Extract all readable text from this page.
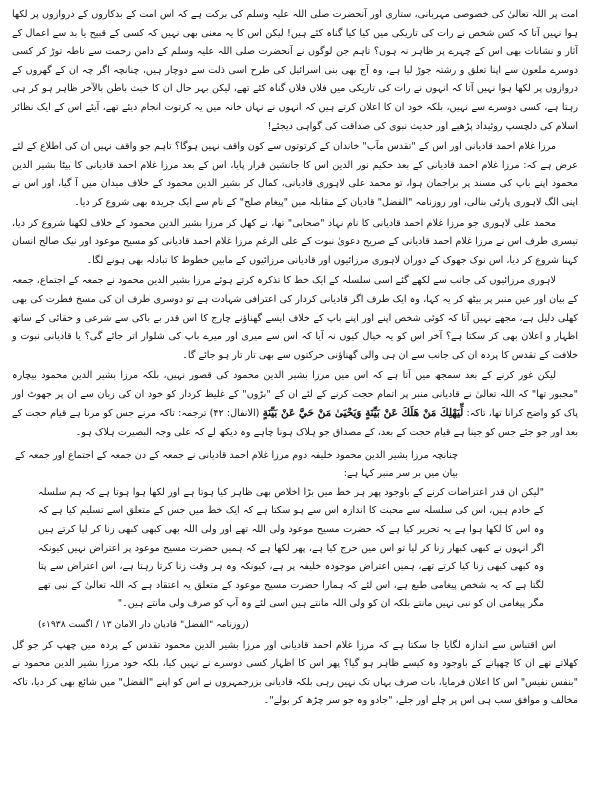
امت پر اللہ تعالیٰ کی خصوصی مہربانی، ستاری اور آنحضرت صلی اللہ علیہ وسلم کی برکت ہے کہ اس امت کے بدکاروں کے دروازوں پر لکھا ہوا نہیں آتا کہ کس شخص نے رات کی تاریکی میں کیا کیا گناہ کئے ہیں! لیکن اس کا یہ معنی بھی نہیں کہ کسی کے قبیح یا بد سے اعمال کے آثار و نشانات بھی اس کے چہرے پر ظاہر نہ ہوں؟ تاہم جن لوگوں نے آنحضرت صلی اللہ علیہ وسلم کے دامن رحمت سے ناطہ توڑ کر کسی دوسرے ملعون سے اپنا تعلق و رشتہ جوڑ لیا ہے، وہ آج بھی بنی اسرائیل کی طرح اسی ذلت سے دوچار ہیں، چنانچہ اگر چہ ان کے گھروں کے دروازوں پر لکھا ہوا نہیں آتا کہ انہوں نے رات کی تاریکی میں فلاں فلاں گناہ کئے تھے، لیکن بہر حال ان کا خبث باطن بالآخر ظاہر ہو کر ہی رہتا ہے، کسی دوسرے سے نہیں، بلکہ خود ان کا اعلان کرتے ہیں کہ انہوں نے نہاں خانہ میں یہ کرتوت انجام دیئے تھے، آیئے اس کے ایک نظائر اسلام کی دلچسپ روئیداد پڑھیے اور حدیث نبوی کی صداقت کی گواہی دیجئے!

مرزا غلام احمد قادیانی اور اس کے "تقدس مآب" خاندان کے کرتوتوں سے کون واقف نہیں ہوگا؟ تاہم جو واقف نہیں ان کی اطلاع کے لئے عرض ہے کہ: مرزا غلام احمد قادیانی کے بعد حکیم نور الدین اس کا جانشین قرار پایا، اس کے بعد مرزا غلام احمد قادیانی کا بیٹا بشیر الدین محمود اپنے باپ کی مسند پر براجمان ہوا، تو محمد علی لاہوری قادیانی، کمال کر بشیر الدین محمود کے خلاف میدان میں آ گیا، اور اس نے اپنی الگ لاہوری پارٹی بنالی، اور روزنامہ "الفضل" قادیان کے مقابلہ میں "پیغام صلح" کے نام سے ایک جریدہ بھی شروع کر دیا۔

محمد علی لاہوری جو مرزا غلام احمد قادیانی کا نام نہاد "صحابی" تھا، نے کھل کر مرزا بشیر الدین محمود کے خلاف لکھنا شروع کر دیا، تیسری طرف اس نے مرزا غلام احمد قادیانی کے صریح دعویٰ نبوت کے علی الرغم مرزا غلام احمد قادیانی کو مسیح موعود اور نیک صالح انسان کہنا شروع کر دیا، اس نوک جھوک کے دوران لاہوری مرزائیوں اور قادیانی مرزائیوں کے مابین خطوط کا تبادلہ بھی ہونے لگا۔

لاہوری مرزائیوں کی جانب سے لکھے گئے اسی سلسلہ کے ایک خط کا تذکرہ کرتے ہوئے مرزا بشیر الدین محمود نے جمعہ کے اجتماع، جمعہ کے بیان اور عین منبر پر بیٹھ کر یہ کہا، وہ ایک طرف اگر قادیانی کردار کی اعترافی شہادت ہے تو دوسری طرف ان کی مسخ فطرت کی بھی کھلی دلیل ہے، مجھے نہیں آتا کہ کوئی شخص اپنے اور اپنے باپ کے خلاف ایسے گھناؤنے چارج کا اس قدر بے باکی سے شرعی و حقائی کے ساتھ اظہار و اعلان بھی کر سکتا ہے؟ آخر اس کو یہ خیال کیوں نہ آیا کہ اس سے میری اور میرے باپ کی شلوار اتر جائے گی؟ یا قادیانی نبوت و خلافت کے تقدس کا پردہ ان کی جانب سے ان ہی والی گھناؤنی حرکتوں سے بھی تار تار ہو جائے گا۔

لیکن غور کرنے کے بعد سمجھ میں آتا ہے کہ اس میں مرزا بشیر الدین محمود کی قصور نہیں، بلکہ مرزا بشیر الدین محمود بیچارہ "مجبور تھا" کہ اللہ تعالیٰ نے قادیانی منبر پر اتمام حجت کرنے کے لئے ان کے "بڑوں" کے غلیظ کردار کو خود ان کی زبان سے ان پر جھوٹ اور پاک کو واضح کرانا تھا، تاکہ: لِّيَهْلِكَ مَنْ هَلَكَ عَنْ بَيِّنَةٍ وَيَحْيَىٰ مَنْ حَيَّ عَنْ بَيِّنَةٍ (الانفال: ۴۲) ترجمہ: تاکہ مرنے جس کو مرنا ہے قیام حجت کے بعد اور جو جئے جس کو جینا ہے قیام حجت کے بعد، کے مصداق جو ہلاک ہونا چاہے وہ دیکھ لے کہ علی وجہ البصیرت ہلاک ہو۔

چنانچہ مرزا بشیر الدین محمود خلیفہ دوم مرزا غلام احمد قادیانی نے جمعہ کے دن جمعہ کے اجتماع اور جمعہ کے بیان میں بر سر منبر کہا ہے:

"لیکن ان قدر اعتراضات کرنے کے باوجود پھر ہر خط میں بڑا اخلاص بھی ظاہر کیا ہوتا ہے اور لکھا ہوا ہوتا ہے کہ ہم سلسلہ کے خادم ہیں، اس کی سلسلہ سے محبت کا اندازہ اس سے ہو سکتا ہے کہ ایک خط میں جس کے متعلق اسے تسلیم کیا ہے کہ وہ اس کا لکھا ہوا ہے یہ تحریر کیا ہے کہ حضرت مسیح موعود ولی اللہ تھے اور ولی اللہ بھی کبھی کبھی زنا کر لیا کرتے ہیں اگر انہوں نے کبھی کبھار زنا کر لیا تو اس میں حرج کیا ہے، پھر لکھا ہے کہ ہمیں حضرت مسیح موعود پر اعتراض نہیں کیونکہ وہ کبھی کبھی زنا کیا کرتے تھے، ہمیں اعتراض موجودہ خلیفہ پر ہے، کیونکہ وہ ہر وقت زنا کرتا رہتا ہے، اس اعتراض سے پتا لگتا ہے کہ یہ شخص پیغامی طبع ہے، اس لئے کہ ہمارا حضرت مسیح موعود کے متعلق یہ اعتقاد ہے کہ اللہ تعالیٰ کے نبی تھے مگر پیغامی ان کو نبی نہیں مانتے بلکہ ان کو ولی اللہ مانتے ہیں اسی لئے وہ آپ کو صرف ولی مانتے ہیں۔"

(روزنامہ "الفضل" قادیان دار الامان ۱۳ / اگست ۱۹۳۸ء)

اس اقتباس سے اندازہ لگایا جا سکتا ہے کہ مرزا غلام احمد قادیانی اور مرزا بشیر الدین محمود تقدس کے پردہ میں چھپ کر جو گل کھلاتے تھے ان کا چھپانے کے باوجود وہ کیسے ظاہر ہو گیا؟ پھر اس کا اظہار کسی دوسرے نے نہیں کیا، بلکہ خود مرزا بشیر الدین محمود نے "بنفس نفیس" اس کا اعلان فرمایا، بات صرف یہاں تک نہیں رہی بلکہ قادیانی بزرجمہروں نے اس کو اپنے "الفضل" میں شائع بھی کر دیا، تاکہ مخالف و موافق سب ہی اس پر چلے اور جلے، "جادو وہ جو سر چڑھ کر بولے"۔
